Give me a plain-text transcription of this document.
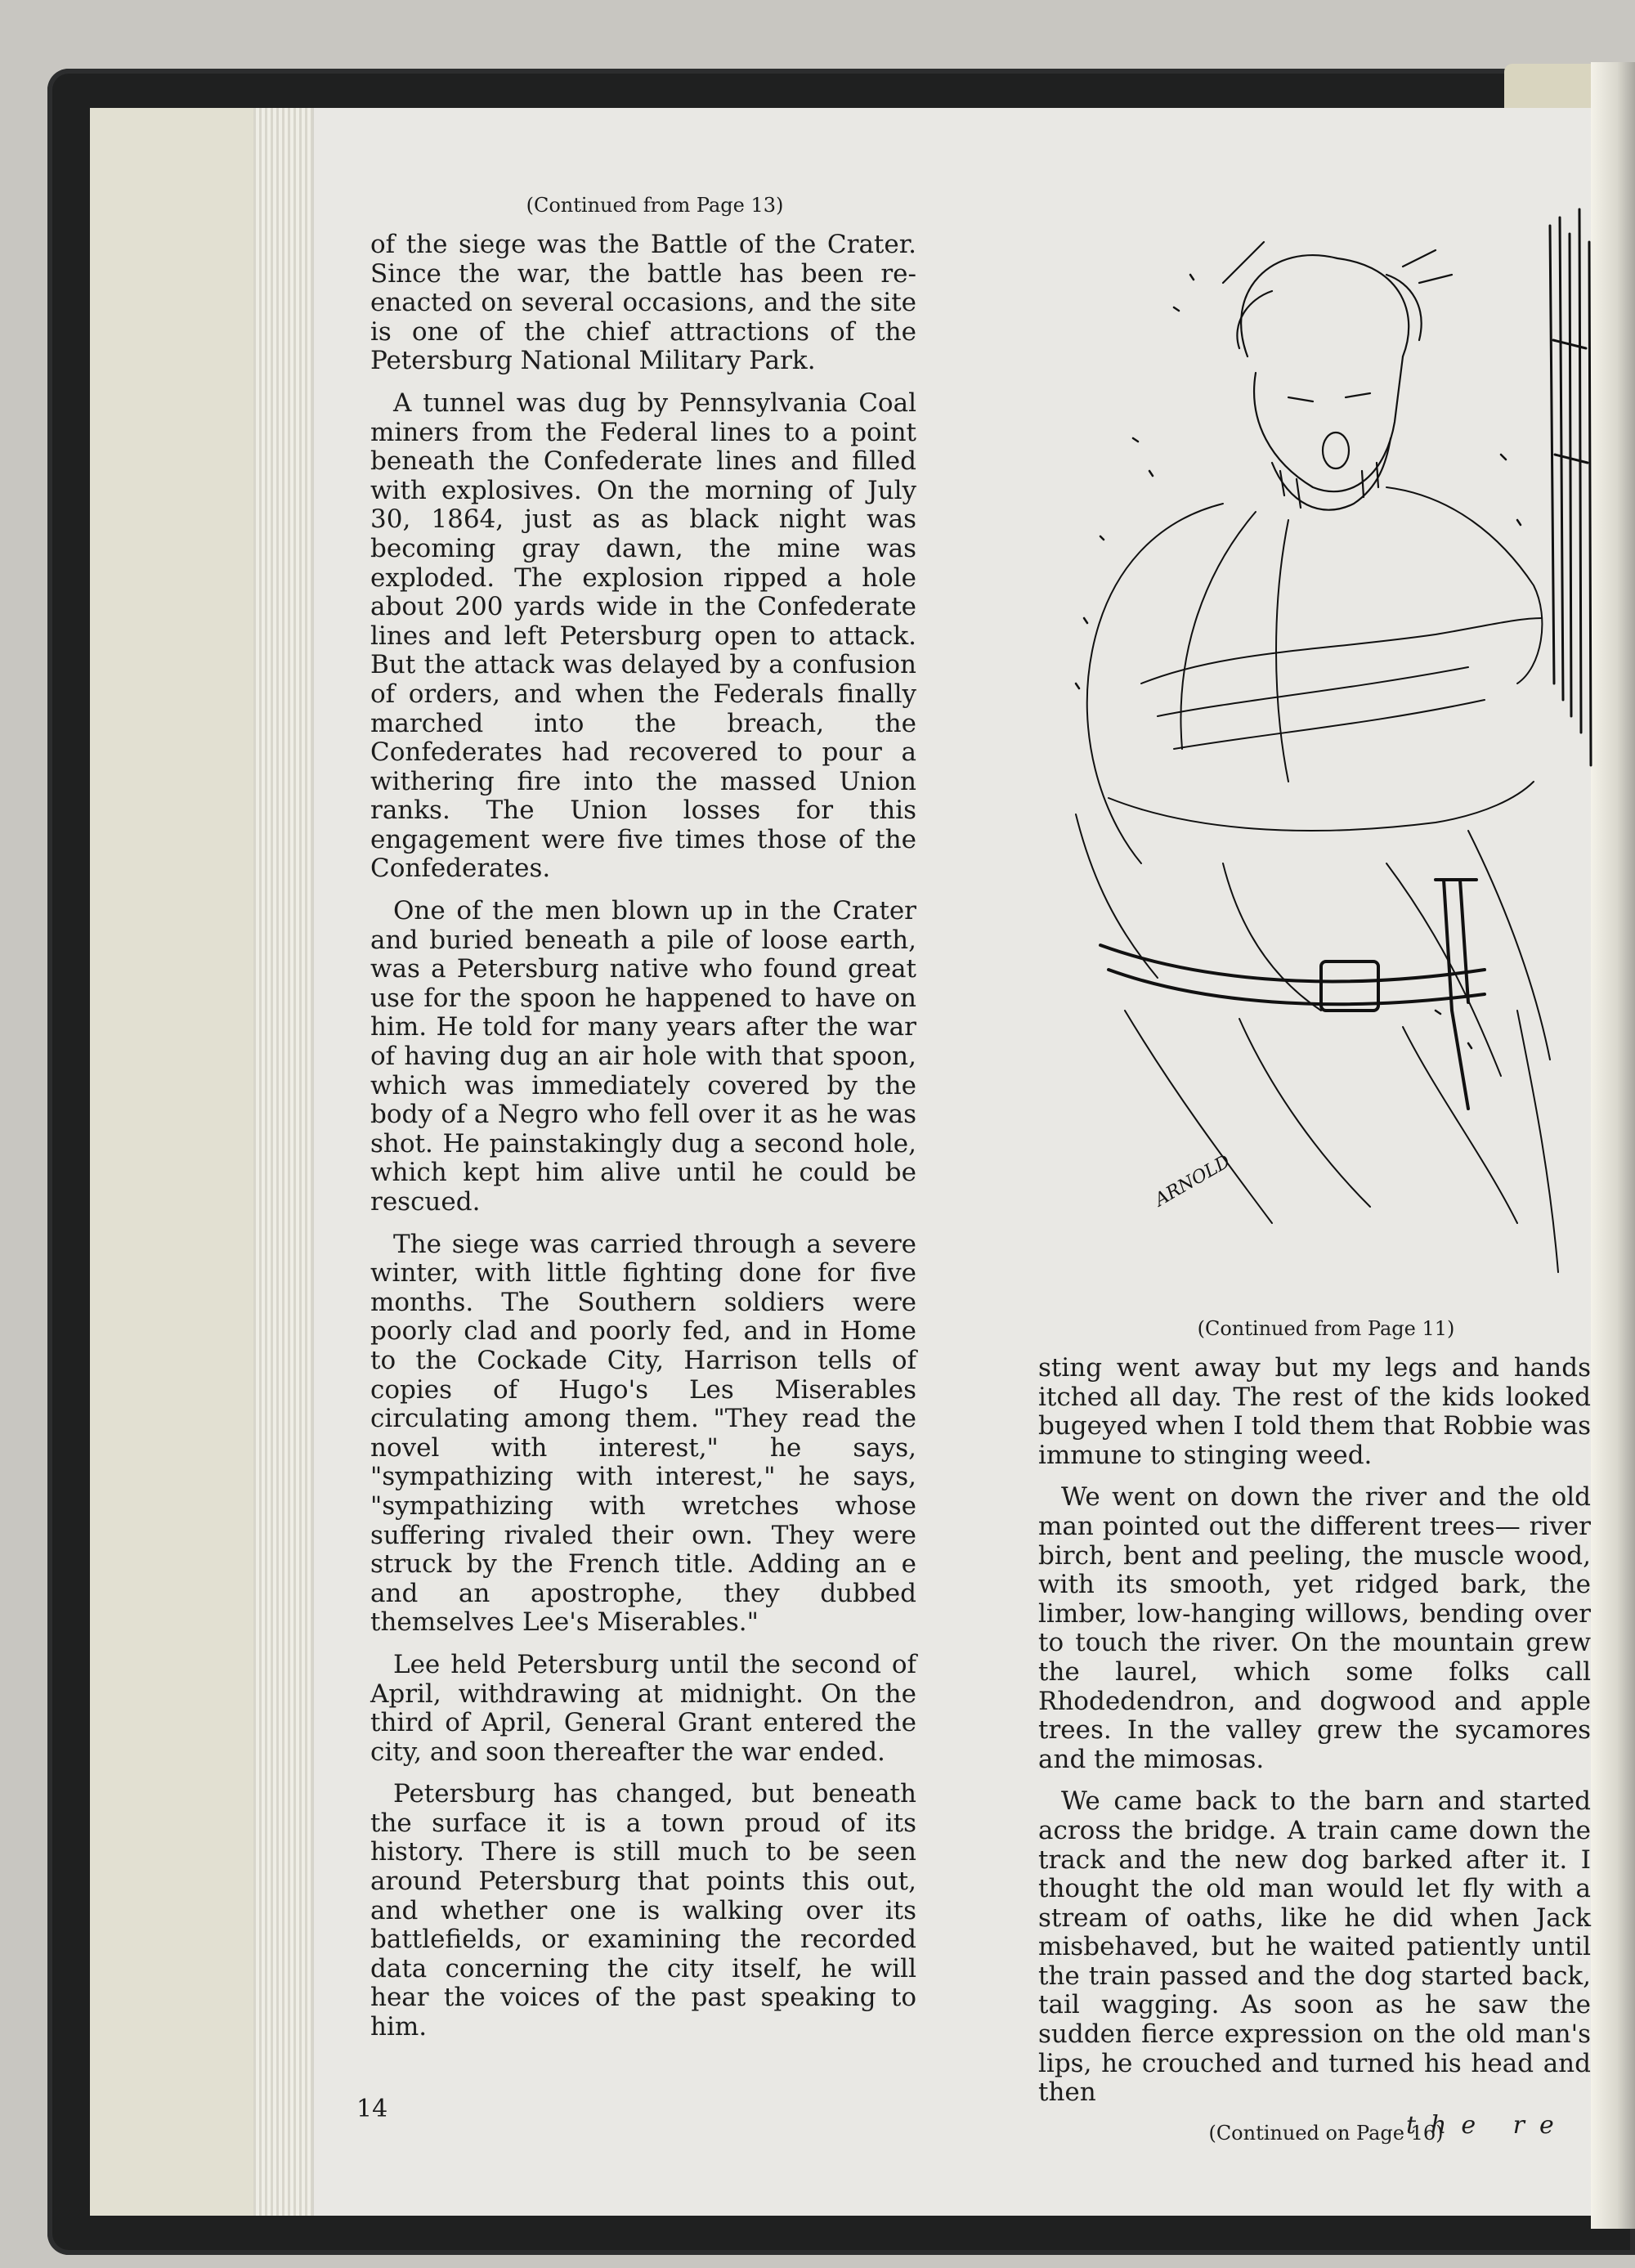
(Continued from Page 13)

of the siege was the Battle of the Crater. Since the war, the battle has been re-enacted on several occasions, and the site is one of the chief attractions of the Petersburg National Military Park.

A tunnel was dug by Pennsylvania Coal miners from the Federal lines to a point beneath the Confederate lines and filled with explosives. On the morning of July 30, 1864, just as as black night was becoming gray dawn, the mine was exploded. The explosion ripped a hole about 200 yards wide in the Confederate lines and left Petersburg open to attack. But the attack was delayed by a confusion of orders, and when the Federals finally marched into the breach, the Confederates had recovered to pour a withering fire into the massed Union ranks. The Union losses for this engagement were five times those of the Confederates.

One of the men blown up in the Crater and buried beneath a pile of loose earth, was a Petersburg native who found great use for the spoon he happened to have on him. He told for many years after the war of having dug an air hole with that spoon, which was immediately covered by the body of a Negro who fell over it as he was shot. He painstakingly dug a second hole, which kept him alive until he could be rescued.

The siege was carried through a severe winter, with little fighting done for five months. The Southern soldiers were poorly clad and poorly fed, and in Home to the Cockade City, Harrison tells of copies of Hugo's Les Miserables circulating among them. "They read the novel with interest," he says, "sympathizing with interest," he says, "sympathizing with wretches whose suffering rivaled their own. They were struck by the French title. Adding an e and an apostrophe, they dubbed themselves Lee's Miserables."

Lee held Petersburg until the second of April, withdrawing at midnight. On the third of April, General Grant entered the city, and soon thereafter the war ended.

Petersburg has changed, but beneath the surface it is a town proud of its history. There is still much to be seen around Petersburg that points this out, and whether one is walking over its battlefields, or examining the recorded data concerning the city itself, he will hear the voices of the past speaking to him.

ARNOLD

(Continued from Page 11)

sting went away but my legs and hands itched all day. The rest of the kids looked bugeyed when I told them that Robbie was immune to stinging weed.

We went on down the river and the old man pointed out the different trees— river birch, bent and peeling, the muscle wood, with its smooth, yet ridged bark, the limber, low-hanging willows, bending over to touch the river. On the mountain grew the laurel, which some folks call Rhodedendron, and dogwood and apple trees. In the valley grew the sycamores and the mimosas.

We came back to the barn and started across the bridge. A train came down the track and the new dog barked after it. I thought the old man would let fly with a stream of oaths, like he did when Jack misbehaved, but he waited patiently until the train passed and the dog started back, tail wagging. As soon as he saw the sudden fierce expression on the old man's lips, he crouched and turned his head and then

(Continued on Page 16)

14
the re
